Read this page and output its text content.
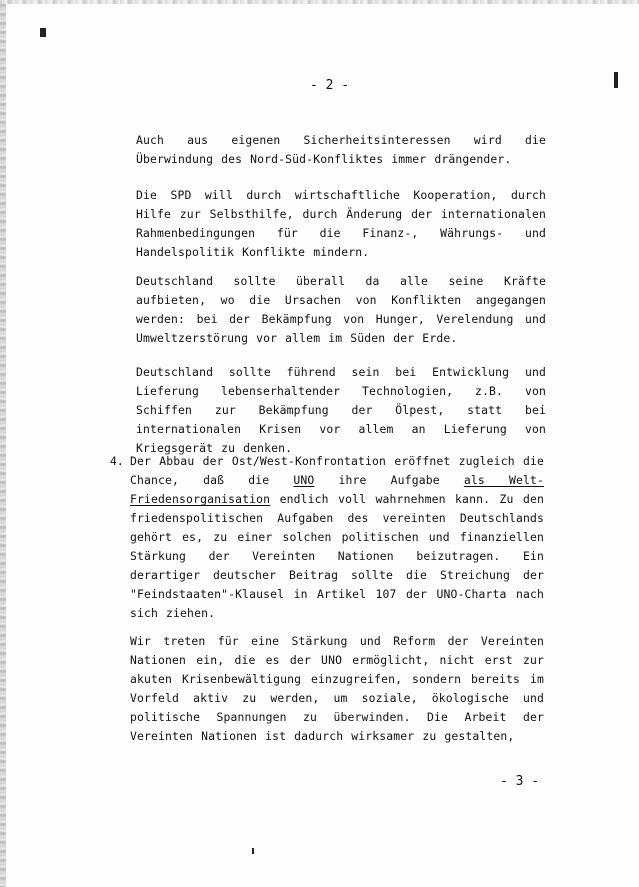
- 2 -

Auch aus eigenen Sicherheitsinteressen wird die Überwindung des Nord-Süd-Konfliktes immer drängender.

Die SPD will durch wirtschaftliche Kooperation, durch Hilfe zur Selbsthilfe, durch Änderung der internationalen Rahmenbedingungen für die Finanz-, Währungs- und Handelspolitik Konflikte mindern.

Deutschland sollte überall da alle seine Kräfte aufbieten, wo die Ursachen von Konflikten angegangen werden: bei der Bekämpfung von Hunger, Verelendung und Umweltzerstörung vor allem im Süden der Erde.

Deutschland sollte führend sein bei Entwicklung und Lieferung lebenserhaltender Technologien, z.B. von Schiffen zur Bekämpfung der Ölpest, statt bei internationalen Krisen vor allem an Lieferung von Kriegsgerät zu denken.

4. Der Abbau der Ost/West-Konfrontation eröffnet zugleich die Chance, daß die UNO ihre Aufgabe als Welt-Friedensorganisation endlich voll wahrnehmen kann. Zu den friedenspolitischen Aufgaben des vereinten Deutschlands gehört es, zu einer solchen politischen und finanziellen Stärkung der Vereinten Nationen beizutragen. Ein derartiger deutscher Beitrag sollte die Streichung der "Feindstaaten"-Klausel in Artikel 107 der UNO-Charta nach sich ziehen.

Wir treten für eine Stärkung und Reform der Vereinten Nationen ein, die es der UNO ermöglicht, nicht erst zur akuten Krisenbewältigung einzugreifen, sondern bereits im Vorfeld aktiv zu werden, um soziale, ökologische und politische Spannungen zu überwinden. Die Arbeit der Vereinten Nationen ist dadurch wirksamer zu gestalten,

- 3 -
